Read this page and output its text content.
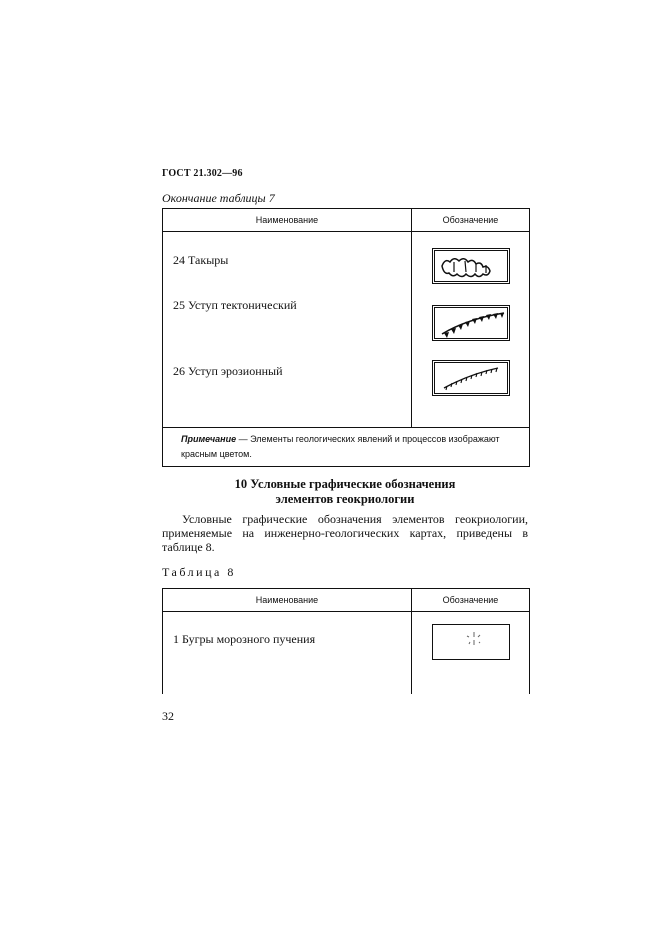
ГОСТ 21.302—96
Окончание таблицы 7
Наименование	Обозначение

24 Такыры
25 Уступ тектонический
26 Уступ эрозионный

Примечание — Элементы геологических явлений и процессов изображают красным цветом.	
10 Условные графические обозначения
элементов геокриологии
Условные графические обозначения элементов геокриологии, применяемые на инженерно-геологических картах, приведены в таблице 8.
Таблица 8
Наименование	Обозначение

1 Бугры морозного пучения

32
